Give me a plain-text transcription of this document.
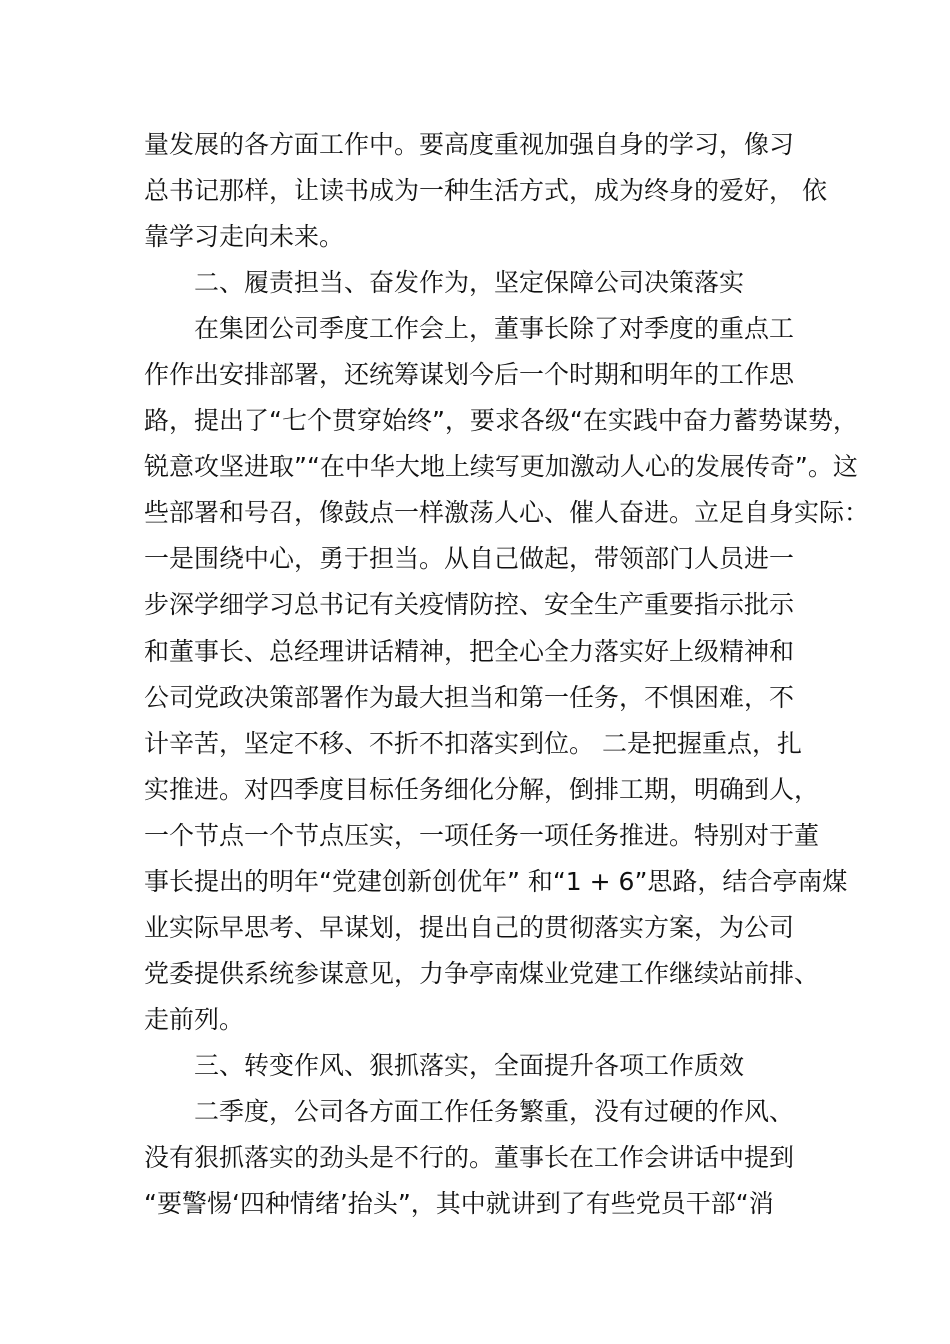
量发展的各方面工作中。要高度重视加强自身的学习，像习
总书记那样，让读书成为一种生活方式，成为终身的爱好， 依
靠学习走向未来。
二、履责担当、奋发作为，坚定保障公司决策落实
在集团公司季度工作会上，董事长除了对季度的重点工
作作出安排部署，还统筹谋划今后一个时期和明年的工作思
路，提出了“七个贯穿始终”，要求各级“在实践中奋力蓄势谋势，
锐意攻坚进取”“在中华大地上续写更加激动人心的发展传奇”。这
些部署和号召，像鼓点一样激荡人心、催人奋进。立足自身实际：
一是围绕中心，勇于担当。从自己做起，带领部门人员进一
步深学细学习总书记有关疫情防控、安全生产重要指示批示
和董事长、总经理讲话精神，把全心全力落实好上级精神和
公司党政决策部署作为最大担当和第一任务，不惧困难，不
计辛苦，坚定不移、不折不扣落实到位。 二是把握重点，扎
实推进。对四季度目标任务细化分解，倒排工期，明确到人，
一个节点一个节点压实，一项任务一项任务推进。特别对于董
事长提出的明年“党建创新创优年” 和“1 + 6”思路，结合亭南煤
业实际早思考、早谋划，提出自己的贯彻落实方案，为公司
党委提供系统参谋意见，力争亭南煤业党建工作继续站前排、
走前列。
三、转变作风、狠抓落实，全面提升各项工作质效
二季度，公司各方面工作任务繁重，没有过硬的作风、
没有狠抓落实的劲头是不行的。董事长在工作会讲话中提到
“要警惕‘四种情绪’抬头”，其中就讲到了有些党员干部“消
